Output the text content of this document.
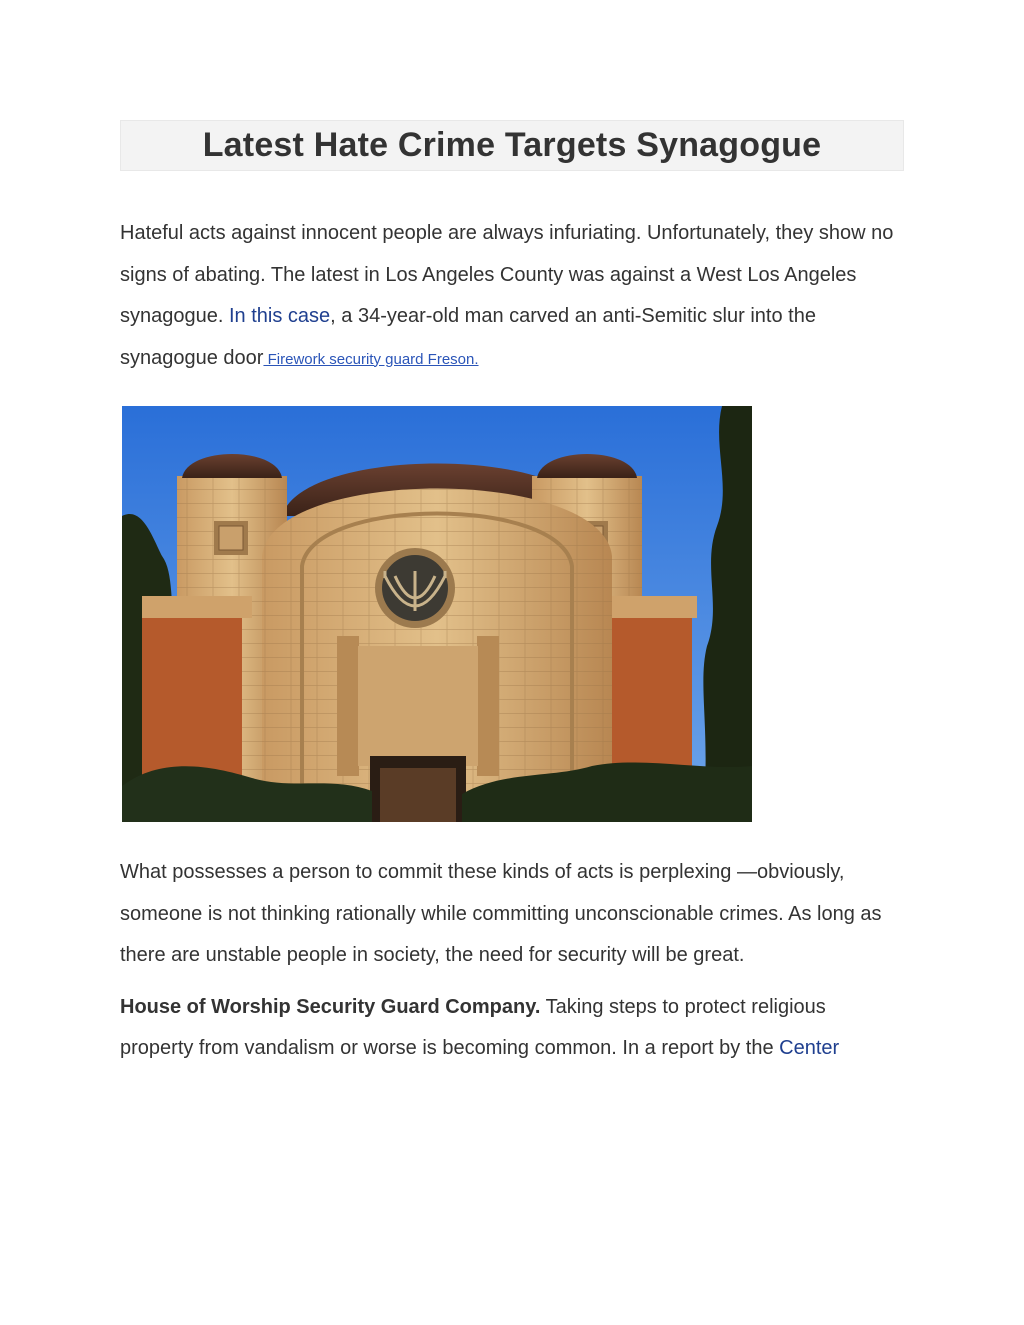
Latest Hate Crime Targets Synagogue

Hateful acts against innocent people are always infuriating. Unfortunately, they show no signs of abating. The latest in Los Angeles County was against a West Los Angeles synagogue. In this case, a 34-year-old man carved an anti-Semitic slur into the synagogue door Firework security guard Freson.

What possesses a person to commit these kinds of acts is perplexing —obviously, someone is not thinking rationally while committing unconscionable crimes. As long as there are unstable people in society, the need for security will be great.

House of Worship Security Guard Company. Taking steps to protect religious property from vandalism or worse is becoming common. In a report by the Center
